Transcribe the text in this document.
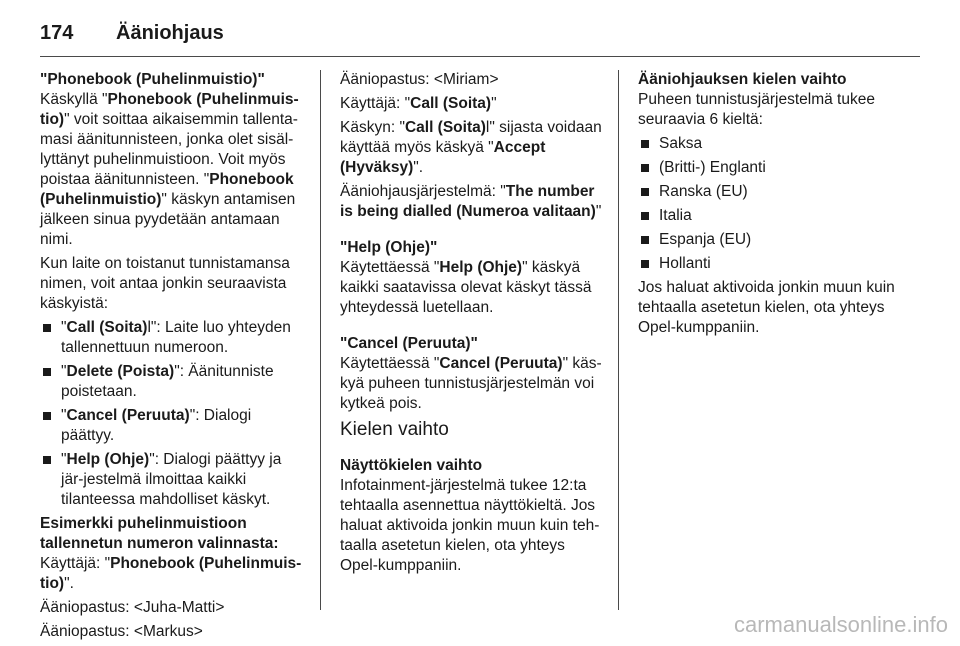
174 Ääniohjaus
"Phonebook (Puhelinmuistio)"

Käskyllä "Phonebook (Puhelinmuis-tio)" voit soittaa aikaisemmin tallenta-masi äänitunnisteen, jonka olet sisäl-lyttänyt puhelinmuistioon. Voit myös poistaa äänitunnisteen. "Phonebook (Puhelinmuistio)" käskyn antamisen jälkeen sinua pyydetään antamaan nimi.

Kun laite on toistanut tunnistamansa nimen, voit antaa jonkin seuraavista käskyistä:

"Call (Soita)l": Laite luo yhteyden tallennettuun numeroon.
"Delete (Poista)": Äänitunniste poistetaan.
"Cancel (Peruuta)": Dialogi päättyy.
"Help (Ohje)": Dialogi päättyy ja jär-jestelmä ilmoittaa kaikki tilanteessa mahdolliset käskyt.
Esimerkki puhelinmuistioon tallennetun numeron valinnasta:

Käyttäjä: "Phonebook (Puhelinmuis-tio)".

Ääniopastus: <Juha-Matti>

Ääniopastus: <Markus>

Ääniopastus: <Miriam>

Käyttäjä: "Call (Soita)"

Käskyn: "Call (Soita)l" sijasta voidaan käyttää myös käskyä "Accept (Hyväksy)".

Ääniohjausjärjestelmä: "The number is being dialled (Numeroa valitaan)"

"Help (Ohje)"

Käytettäessä "Help (Ohje)" käskyä kaikki saatavissa olevat käskyt tässä yhteydessä luetellaan.

"Cancel (Peruuta)"

Käytettäessä "Cancel (Peruuta)" käs-kyä puheen tunnistusjärjestelmän voi kytkeä pois.

Kielen vaihto
Näyttökielen vaihto

Infotainment-järjestelmä tukee 12:ta tehtaalla asennettua näyttökieltä. Jos haluat aktivoida jonkin muun kuin teh-taalla asetetun kielen, ota yhteys Opel-kumppaniin.

Ääniohjauksen kielen vaihto

Puheen tunnistusjärjestelmä tukee seuraavia 6 kieltä:

Saksa
(Britti-) Englanti
Ranska (EU)
Italia
Espanja (EU)
Hollanti

Jos haluat aktivoida jonkin muun kuin tehtaalla asetetun kielen, ota yhteys Opel-kumppaniin.

carmanualsonline.info
